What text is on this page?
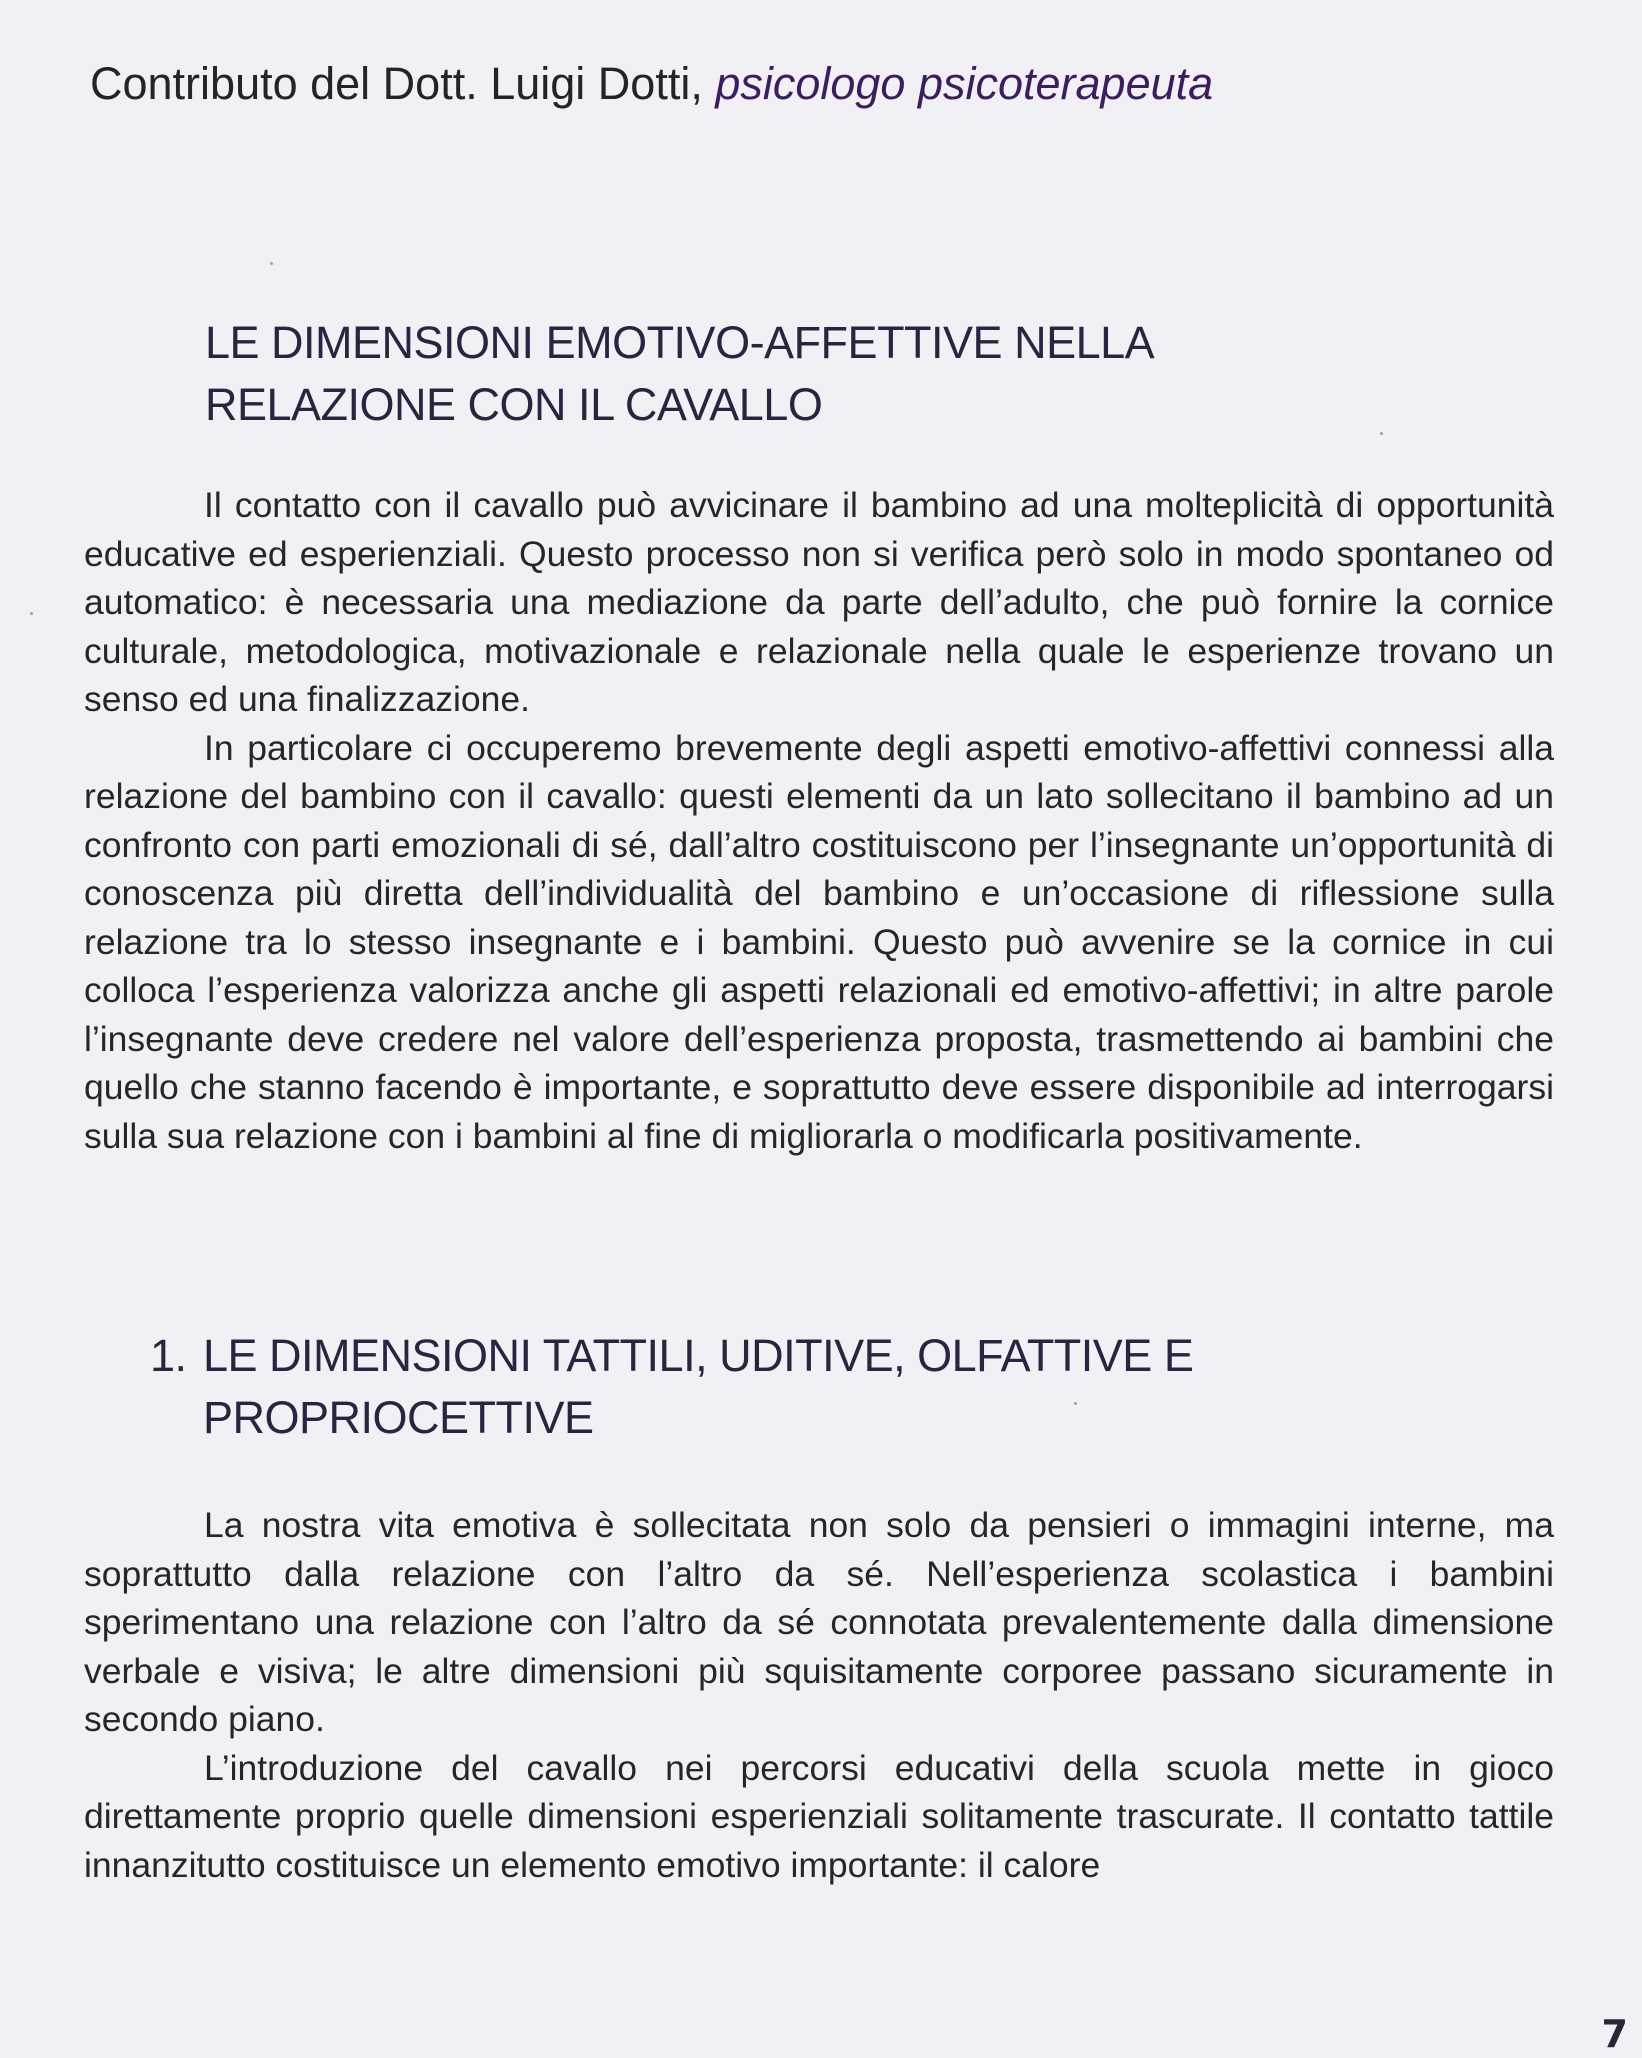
Contributo del Dott. Luigi Dotti, psicologo psicoterapeuta
LE DIMENSIONI EMOTIVO-AFFETTIVE NELLA
RELAZIONE CON IL CAVALLO

Il contatto con il cavallo può avvicinare il bambino ad una molteplicità di opportunità educative ed esperienziali. Questo processo non si verifica però solo in modo spontaneo od automatico: è necessaria una mediazione da parte dell’adulto, che può fornire la cornice culturale, metodologica, motivazionale e relazionale nella quale le esperienze trovano un senso ed una finalizzazione.

In particolare ci occuperemo brevemente degli aspetti emotivo-affettivi connessi alla relazione del bambino con il cavallo: questi elementi da un lato sollecitano il bambino ad un confronto con parti emozionali di sé, dall’altro costituiscono per l’insegnante un’opportunità di conoscenza più diretta dell’individualità del bambino e un’occasione di riflessione sulla relazione tra lo stesso insegnante e i bambini. Questo può avvenire se la cornice in cui colloca l’esperienza valorizza anche gli aspetti relazionali ed emotivo-affettivi; in altre parole l’insegnante deve credere nel valore dell’esperienza proposta, trasmettendo ai bambini che quello che stanno facendo è importante, e soprattutto deve essere disponibile ad interrogarsi sulla sua relazione con i bambini al fine di migliorarla o modificarla positivamente.

1. LE DIMENSIONI TATTILI, UDITIVE, OLFATTIVE E
PROPRIOCETTIVE

La nostra vita emotiva è sollecitata non solo da pensieri o immagini interne, ma soprattutto dalla relazione con l’altro da sé. Nell’esperienza scolastica i bambini sperimentano una relazione con l’altro da sé connotata prevalentemente dalla dimensione verbale e visiva; le altre dimensioni più squisitamente corporee passano sicuramente in secondo piano.

L’introduzione del cavallo nei percorsi educativi della scuola mette in gioco direttamente proprio quelle dimensioni esperienziali solitamente trascurate. Il contatto tattile innanzitutto costituisce un elemento emotivo importante: il calore

7
